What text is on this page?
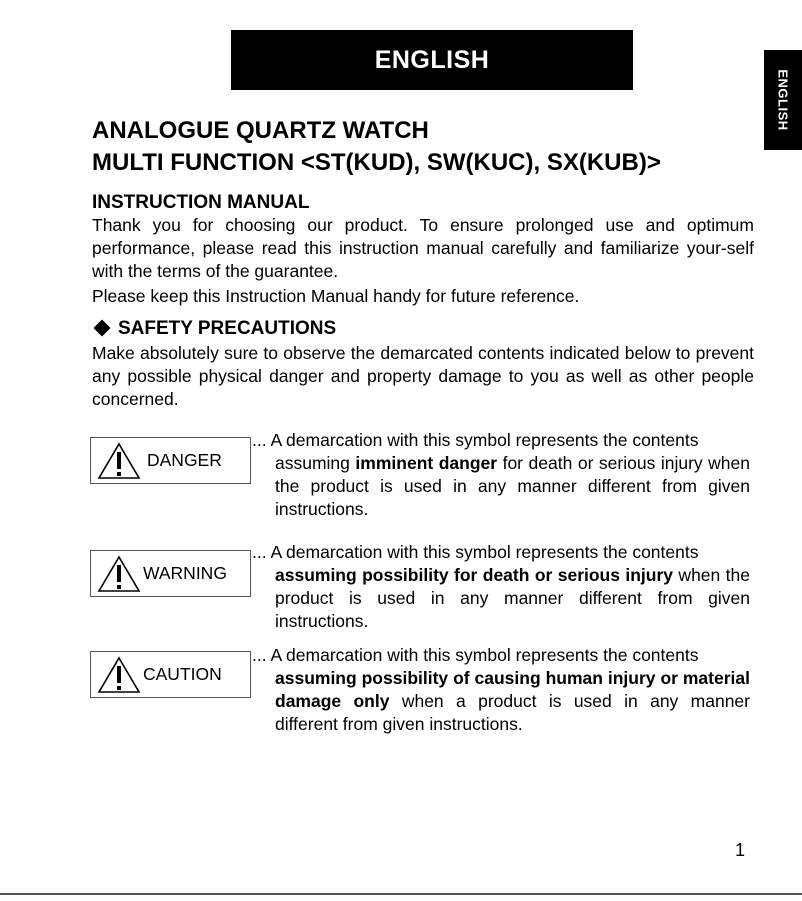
ENGLISH
ENGLISH
ANALOGUE QUARTZ WATCH
MULTI FUNCTION <ST(KUD), SW(KUC), SX(KUB)>
INSTRUCTION MANUAL

Thank you for choosing our product. To ensure prolonged use and optimum performance, please read this instruction manual carefully and familiarize your-self with the terms of the guarantee.

Please keep this Instruction Manual handy for future reference.

SAFETY PRECAUTIONS

Make absolutely sure to observe the demarcated contents indicated below to prevent any possible physical danger and property damage to you as well as other people concerned.

DANGER
... A demarcation with this symbol represents the contents
assuming imminent danger for death or serious injury when the product is used in any manner different from given instructions.
WARNING
... A demarcation with this symbol represents the contents
assuming possibility for death or serious injury when the product is used in any manner different from given instructions.
CAUTION
... A demarcation with this symbol represents the contents
assuming possibility of causing human injury or material damage only when a product is used in any manner different from given instructions.
1
